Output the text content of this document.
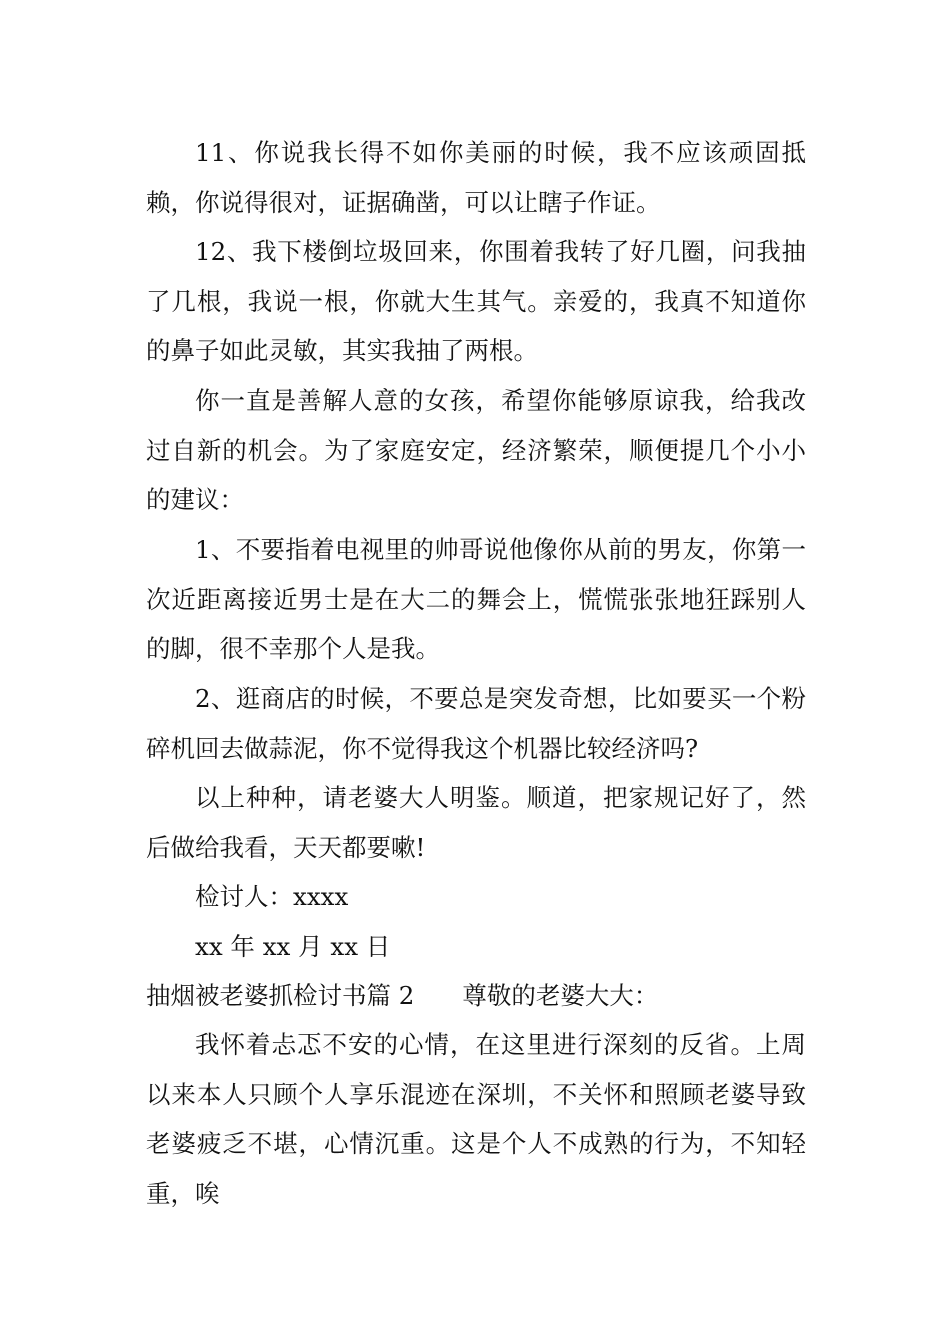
11、你说我长得不如你美丽的时候，我不应该顽固抵赖，你说得很对，证据确凿，可以让瞎子作证。

12、我下楼倒垃圾回来，你围着我转了好几圈，问我抽了几根，我说一根，你就大生其气。亲爱的，我真不知道你的鼻子如此灵敏，其实我抽了两根。

你一直是善解人意的女孩，希望你能够原谅我，给我改过自新的机会。为了家庭安定，经济繁荣，顺便提几个小小的建议：

1、不要指着电视里的帅哥说他像你从前的男友，你第一次近距离接近男士是在大二的舞会上，慌慌张张地狂踩别人的脚，很不幸那个人是我。

2、逛商店的时候，不要总是突发奇想，比如要买一个粉碎机回去做蒜泥，你不觉得我这个机器比较经济吗?

以上种种，请老婆大人明鉴。顺道，把家规记好了，然后做给我看，天天都要嗽!

检讨人：xxxx

xx 年 xx 月 xx 日

抽烟被老婆抓检讨书篇 2 尊敬的老婆大大：

我怀着忐忑不安的心情，在这里进行深刻的反省。上周以来本人只顾个人享乐混迹在深圳，不关怀和照顾老婆导致老婆疲乏不堪，心情沉重。这是个人不成熟的行为，不知轻重，唉
